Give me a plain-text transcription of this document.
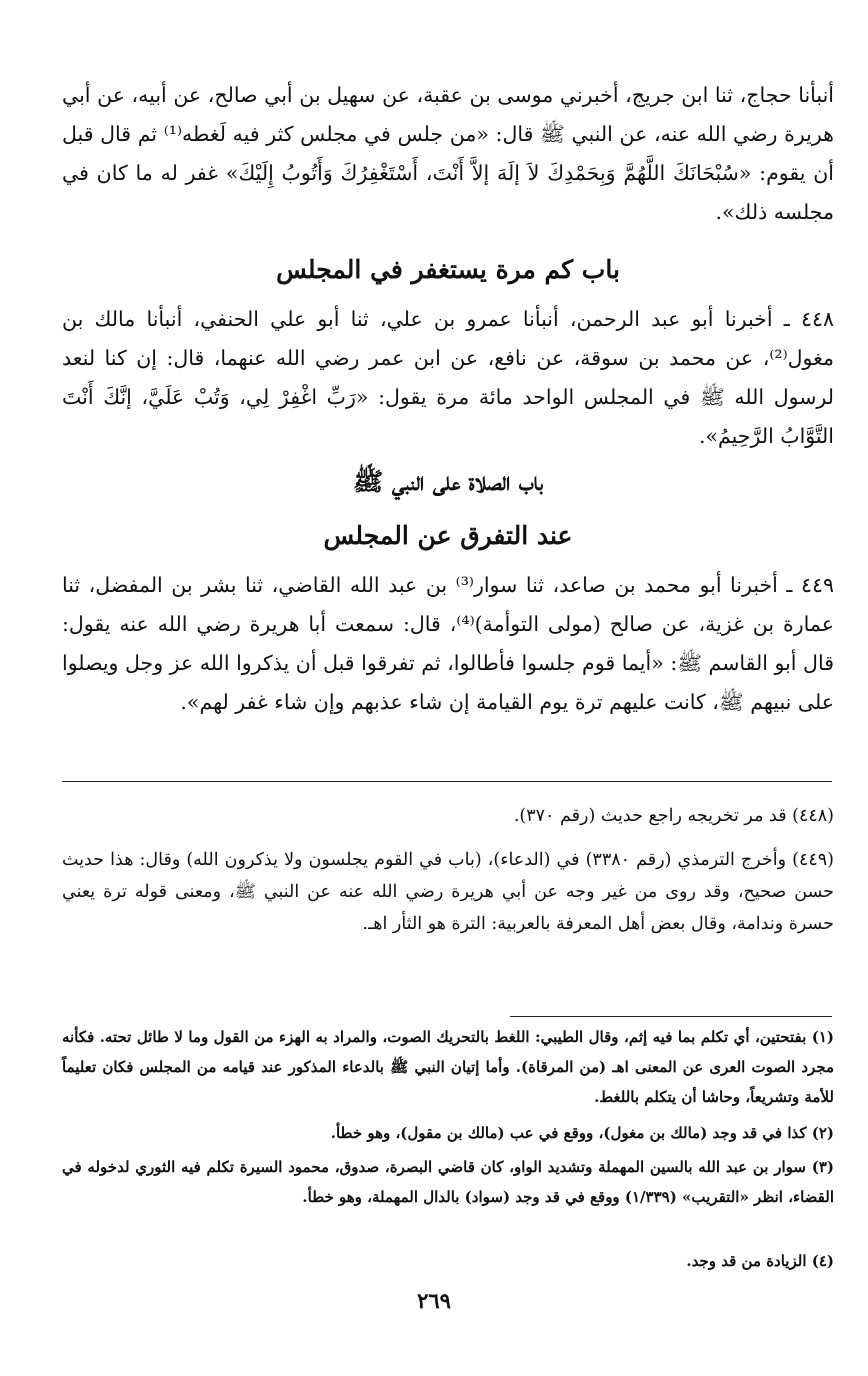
أنبأنا حجاج، ثنا ابن جريج، أخبرني موسى بن عقبة، عن سهيل بن أبي صالح، عن أبيه، عن أبي هريرة رضي الله عنه، عن النبي ﷺ قال: «من جلس في مجلس كثر فيه لَغطه⁽¹⁾ ثم قال قبل أن يقوم: «سُبْحَانَكَ اللَّهُمَّ وَبِحَمْدِكَ لاَ إلَهَ إلاَّ أَنْتَ، أَسْتَغْفِرُكَ وَأَتُوبُ إِلَيْكَ» غفر له ما كان في مجلسه ذلك».
باب كم مرة يستغفر في المجلس
٤٤٨ ـ أخبرنا أبو عبد الرحمن، أنبأنا عمرو بن علي، ثنا أبو علي الحنفي، أنبأنا مالك بن مغول⁽²⁾، عن محمد بن سوقة، عن نافع، عن ابن عمر رضي الله عنهما، قال: إن كنا لنعد لرسول الله ﷺ في المجلس الواحد مائة مرة يقول: «رَبِّ اغْفِرْ لِي، وَتُبْ عَلَيَّ، إنَّكَ أَنْتَ التَّوَّابُ الرَّحِيمُ».
باب الصلاة على النبي ﷺ
عند التفرق عن المجلس
٤٤٩ ـ أخبرنا أبو محمد بن صاعد، ثنا سوار⁽³⁾ بن عبد الله القاضي، ثنا بشر بن المفضل، ثنا عمارة بن غزية، عن صالح (مولى التوأمة)⁽⁴⁾، قال: سمعت أبا هريرة رضي الله عنه يقول: قال أبو القاسم ﷺ: «أيما قوم جلسوا فأطالوا، ثم تفرقوا قبل أن يذكروا الله عز وجل ويصلوا على نبيهم ﷺ، كانت عليهم ترة يوم القيامة إن شاء عذبهم وإن شاء غفر لهم».
(٤٤٨) قد مر تخريجه راجع حديث (رقم ٣٧٠).
(٤٤٩) وأخرج الترمذي (رقم ٣٣٨٠) في (الدعاء)، (باب في القوم يجلسون ولا يذكرون الله) وقال: هذا حديث حسن صحيح، وقد روى من غير وجه عن أبي هريرة رضي الله عنه عن النبي ﷺ، ومعنى قوله ترة يعني حسرة وندامة، وقال بعض أهل المعرفة بالعربية: الترة هو الثأر اهـ.
(١) بفتحتين، أي تكلم بما فيه إثم، وقال الطيبي: اللغط بالتحريك الصوت، والمراد به الهزء من القول وما لا طائل تحته. فكأنه مجرد الصوت العرى عن المعنى اهـ (من المرقاة). وأما إتيان النبي ﷺ بالدعاء المذكور عند قيامه من المجلس فكان تعليماً للأمة وتشريعاً، وحاشا أن يتكلم باللغط.
(٢) كذا في قد وجد (مالك بن مغول)، ووقع في عب (مالك بن مقول)، وهو خطأ.
(٣) سوار بن عبد الله بالسين المهملة وتشديد الواو، كان قاضي البصرة، صدوق، محمود السيرة تكلم فيه الثوري لدخوله في القضاء، انظر «التقريب» (١/٣٣٩) ووقع في قد وجد (سواد) بالدال المهملة، وهو خطأ.
(٤) الزيادة من قد وجد.
٢٦٩
